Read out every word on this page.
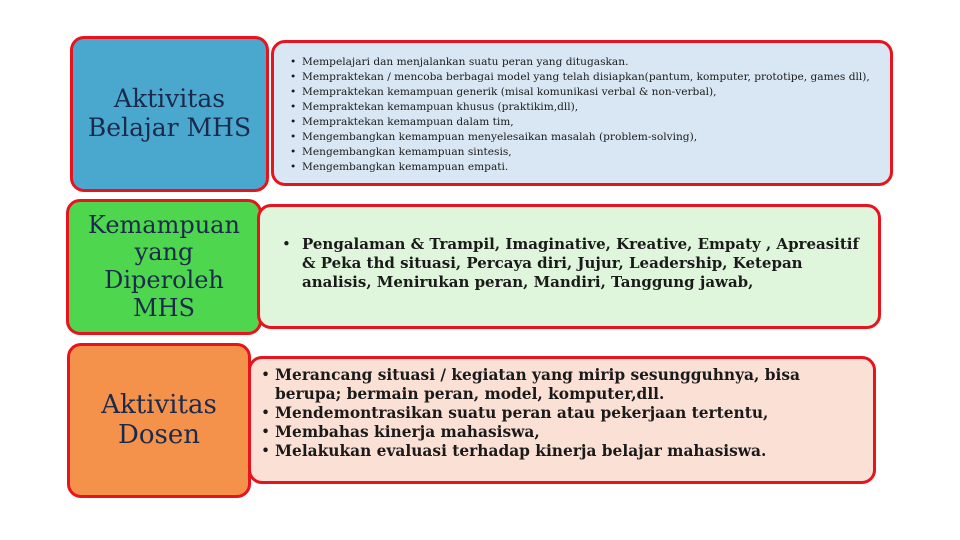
Aktivitas
Belajar MHS
• Mempelajari dan menjalankan suatu peran yang ditugaskan.
• Mempraktekan / mencoba berbagai model yang telah disiapkan(pantum, komputer, prototipe, games dll),
• Mempraktekan kemampuan generik (misal komunikasi verbal & non-verbal),
• Mempraktekan kemampuan khusus (praktikim,dll),
• Mempraktekan kemampuan dalam tim,
• Mengembangkan kemampuan menyelesaikan masalah (problem-solving),
• Mengembangkan kemampuan sintesis,
• Mengembangkan kemampuan empati.
Kemampuan
yang
Diperoleh
MHS
• Pengalaman & Trampil, Imaginative, Kreative, Empaty , Apreasitif & Peka thd situasi, Percaya diri, Jujur, Leadership, Ketepan analisis, Menirukan peran, Mandiri, Tanggung jawab,
Aktivitas
Dosen
• Merancang situasi / kegiatan yang mirip sesungguhnya, bisa berupa; bermain peran, model, komputer,dll.
• Mendemontrasikan suatu peran atau pekerjaan tertentu,
• Membahas kinerja mahasiswa,
• Melakukan evaluasi terhadap kinerja belajar mahasiswa.
